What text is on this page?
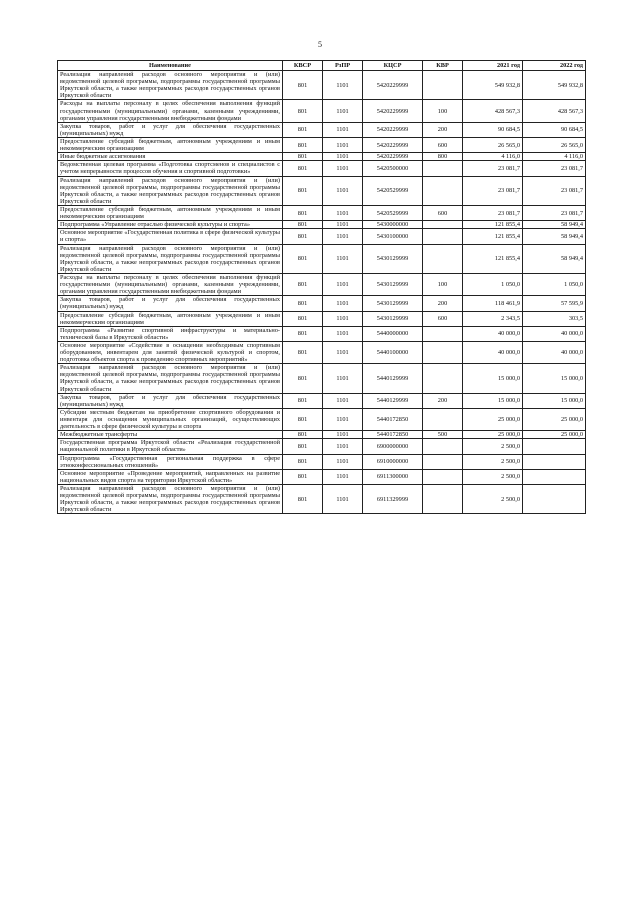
5
Наименование	КВСР	РзПР	КЦСР	КВР	2021 год	2022 год
Реализация направлений расходов основного мероприятия и (или) ведомственной целевой программы, подпрограммы государственной программы Иркутской области, а также непрограммных расходов государственных органов Иркутской области	801	1101	5420229999		549 932,8	549 932,8
Расходы на выплаты персоналу в целях обеспечения выполнения функций государственными (муниципальными) органами, казенными учреждениями, органами управления государственными внебюджетными фондами	801	1101	5420229999	100	428 567,3	428 567,3
Закупка товаров, работ и услуг для обеспечения государственных (муниципальных) нужд	801	1101	5420229999	200	90 684,5	90 684,5
Предоставление субсидий бюджетным, автономным учреждениям и иным некоммерческим организациям	801	1101	5420229999	600	26 565,0	26 565,0
Иные бюджетные ассигнования	801	1101	5420229999	800	4 116,0	4 116,0
Ведомственная целевая программа «Подготовка спортсменов и специалистов с учетом непрерывности процессов обучения и спортивной подготовки»	801	1101	5420500000		23 081,7	23 081,7
Реализация направлений расходов основного мероприятия и (или) ведомственной целевой программы, подпрограммы государственной программы Иркутской области, а также непрограммных расходов государственных органов Иркутской области	801	1101	5420529999		23 081,7	23 081,7
Предоставление субсидий бюджетным, автономным учреждениям и иным некоммерческим организациям	801	1101	5420529999	600	23 081,7	23 081,7
Подпрограмма «Управление отраслью физической культуры и спорта»	801	1101	5430000000		121 855,4	58 949,4
Основное мероприятие «Государственная политика в сфере физической культуры и спорта»	801	1101	5430100000		121 855,4	58 949,4
Реализация направлений расходов основного мероприятия и (или) ведомственной целевой программы, подпрограммы государственной программы Иркутской области, а также непрограммных расходов государственных органов Иркутской области	801	1101	5430129999		121 855,4	58 949,4
Расходы на выплаты персоналу в целях обеспечения выполнения функций государственными (муниципальными) органами, казенными учреждениями, органами управления государственными внебюджетными фондами	801	1101	5430129999	100	1 050,0	1 050,0
Закупка товаров, работ и услуг для обеспечения государственных (муниципальных) нужд	801	1101	5430129999	200	118 461,9	57 595,9
Предоставление субсидий бюджетным, автономным учреждениям и иным некоммерческим организациям	801	1101	5430129999	600	2 343,5	303,5
Подпрограмма «Развитие спортивной инфраструктуры и материально- технической базы в Иркутской области»	801	1101	5440000000		40 000,0	40 000,0
Основное мероприятие «Содействие в оснащении необходимым спортивным оборудованием, инвентарем для занятий физической культурой и спортом, подготовка объектов спорта к проведению спортивных мероприятий»	801	1101	5440100000		40 000,0	40 000,0
Реализация направлений расходов основного мероприятия и (или) ведомственной целевой программы, подпрограммы государственной программы Иркутской области, а также непрограммных расходов государственных органов Иркутской области	801	1101	5440129999		15 000,0	15 000,0
Закупка товаров, работ и услуг для обеспечения государственных (муниципальных) нужд	801	1101	5440129999	200	15 000,0	15 000,0
Субсидии местным бюджетам на приобретение спортивного оборудования и инвентаря для оснащения муниципальных организаций, осуществляющих деятельность в сфере физической культуры и спорта	801	1101	5440172850		25 000,0	25 000,0
Межбюджетные трансферты	801	1101	5440172850	500	25 000,0	25 000,0
Государственная программа Иркутской области «Реализация государственной национальной политики в Иркутской области»	801	1101	6900000000		2 500,0	
Подпрограмма «Государственная региональная поддержка в сфере этноконфессиональных отношений»	801	1101	6910000000		2 500,0	
Основное мероприятие «Проведение мероприятий, направленных на развитие национальных видов спорта на территории Иркутской области»	801	1101	6911300000		2 500,0	
Реализация направлений расходов основного мероприятия и (или) ведомственной целевой программы, подпрограммы государственной программы Иркутской области, а также непрограммных расходов государственных органов Иркутской области	801	1101	6911329999		2 500,0	
